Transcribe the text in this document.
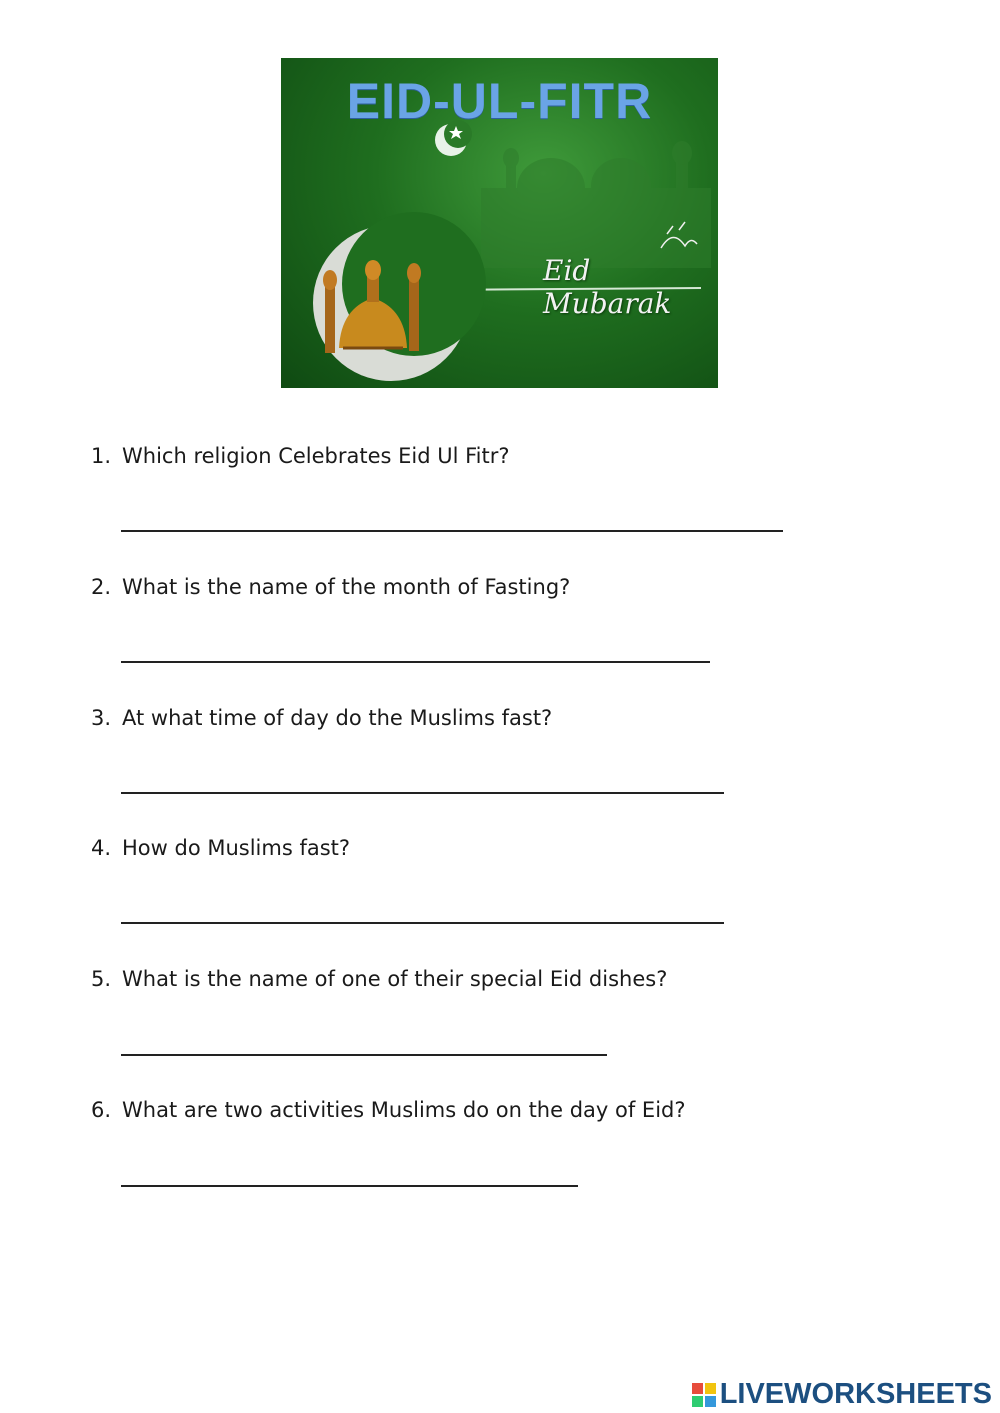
EID-UL-FITR
Eid Mubarak
1. Which religion Celebrates Eid Ul Fitr?
2. What is the name of the month of Fasting?
3. At what time of day do the Muslims fast?
4. How do Muslims fast?
5. What is the name of one of their special Eid dishes?
6. What are two activities Muslims do on the day of Eid?
LIVEWORKSHEETS
